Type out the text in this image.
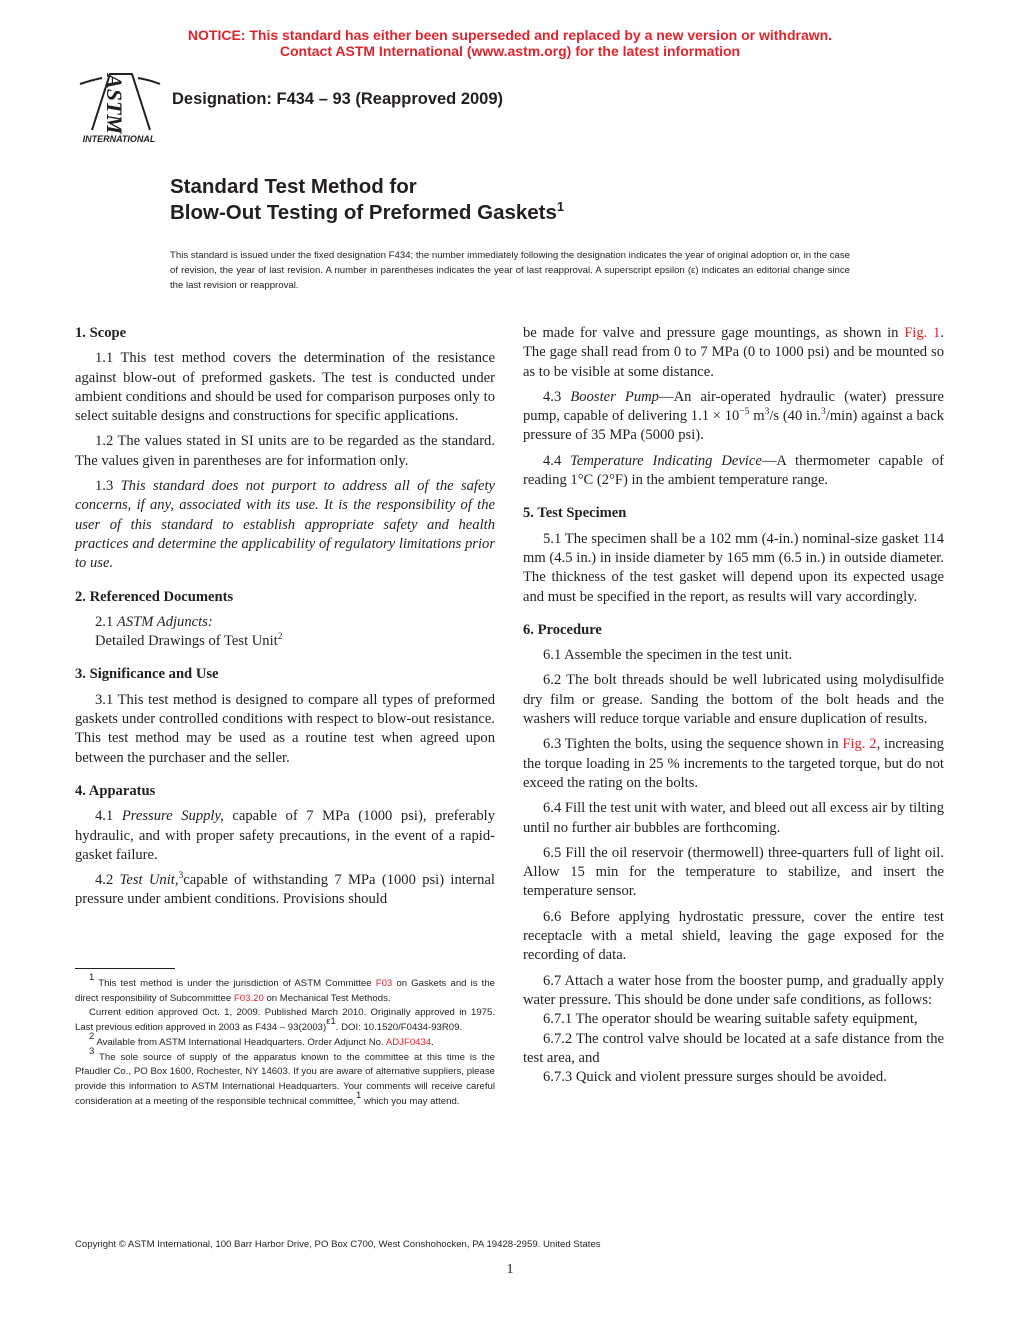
NOTICE: This standard has either been superseded and replaced by a new version or withdrawn.
Contact ASTM International (www.astm.org) for the latest information
ASTM
INTERNATIONAL
Designation: F434 – 93 (Reapproved 2009)
Standard Test Method for
Blow-Out Testing of Preformed Gaskets$^1$
This standard is issued under the fixed designation F434; the number immediately following the designation indicates the year of original adoption or, in the case of revision, the year of last revision. A number in parentheses indicates the year of last reapproval. A superscript epsilon (ε) indicates an editorial change since the last revision or reapproval.
1. Scope

1.1 This test method covers the determination of the resistance against blow-out of preformed gaskets. The test is conducted under ambient conditions and should be used for comparison purposes only to select suitable designs and constructions for specific applications.

1.2 The values stated in SI units are to be regarded as the standard. The values given in parentheses are for information only.

1.3 This standard does not purport to address all of the safety concerns, if any, associated with its use. It is the responsibility of the user of this standard to establish appropriate safety and health practices and determine the applicability of regulatory limitations prior to use.

2. Referenced Documents

2.1 ASTM Adjuncts:

Detailed Drawings of Test Unit$^2$

3. Significance and Use

3.1 This test method is designed to compare all types of preformed gaskets under controlled conditions with respect to blow-out resistance. This test method may be used as a routine test when agreed upon between the purchaser and the seller.

4. Apparatus

4.1 Pressure Supply, capable of 7 MPa (1000 psi), preferably hydraulic, and with proper safety precautions, in the event of a rapid-gasket failure.

4.2 Test Unit,$^3$capable of withstanding 7 MPa (1000 psi) internal pressure under ambient conditions. Provisions should

$^1$ This test method is under the jurisdiction of ASTM Committee F03 on Gaskets and is the direct responsibility of Subcommittee F03.20 on Mechanical Test Methods.

Current edition approved Oct. 1, 2009. Published March 2010. Originally approved in 1975. Last previous edition approved in 2003 as $F434 - 93(2003)^{\varepsilon 1}$. DOI: 10.1520/F0434-93R09.

$^2$ Available from ASTM International Headquarters. Order Adjunct No. ADJF0434.

$^3$ The sole source of supply of the apparatus known to the committee at this time is the Pfaudler Co., PO Box 1600, Rochester, NY 14603. If you are aware of alternative suppliers, please provide this information to ASTM International Headquarters. Your comments will receive careful consideration at a meeting of the responsible technical committee,$^1$ which you may attend.

be made for valve and pressure gage mountings, as shown in Fig. 1. The gage shall read from 0 to 7 MPa (0 to 1000 psi) and be mounted so as to be visible at some distance.

4.3 Booster Pump—An air-operated hydraulic (water) pressure pump, capable of delivering $1.1 \times 10^{-5}$ $m^3/s$ (40 in.$^3$/min) against a back pressure of 35 MPa (5000 psi).

4.4 Temperature Indicating Device—A thermometer capable of reading 1°C (2°F) in the ambient temperature range.

5. Test Specimen

5.1 The specimen shall be a 102 mm (4-in.) nominal-size gasket 114 mm (4.5 in.) in inside diameter by 165 mm (6.5 in.) in outside diameter. The thickness of the test gasket will depend upon its expected usage and must be specified in the report, as results will vary accordingly.

6. Procedure

6.1 Assemble the specimen in the test unit.

6.2 The bolt threads should be well lubricated using molydisulfide dry film or grease. Sanding the bottom of the bolt heads and the washers will reduce torque variable and ensure duplication of results.

6.3 Tighten the bolts, using the sequence shown in Fig. 2, increasing the torque loading in 25 % increments to the targeted torque, but do not exceed the rating on the bolts.

6.4 Fill the test unit with water, and bleed out all excess air by tilting until no further air bubbles are forthcoming.

6.5 Fill the oil reservoir (thermowell) three-quarters full of light oil. Allow 15 min for the temperature to stabilize, and insert the temperature sensor.

6.6 Before applying hydrostatic pressure, cover the entire test receptacle with a metal shield, leaving the gage exposed for the recording of data.

6.7 Attach a water hose from the booster pump, and gradually apply water pressure. This should be done under safe conditions, as follows:

6.7.1 The operator should be wearing suitable safety equipment,

6.7.2 The control valve should be located at a safe distance from the test area, and

6.7.3 Quick and violent pressure surges should be avoided.

Copyright © ASTM International, 100 Barr Harbor Drive, PO Box C700, West Conshohocken, PA 19428-2959. United States
1
